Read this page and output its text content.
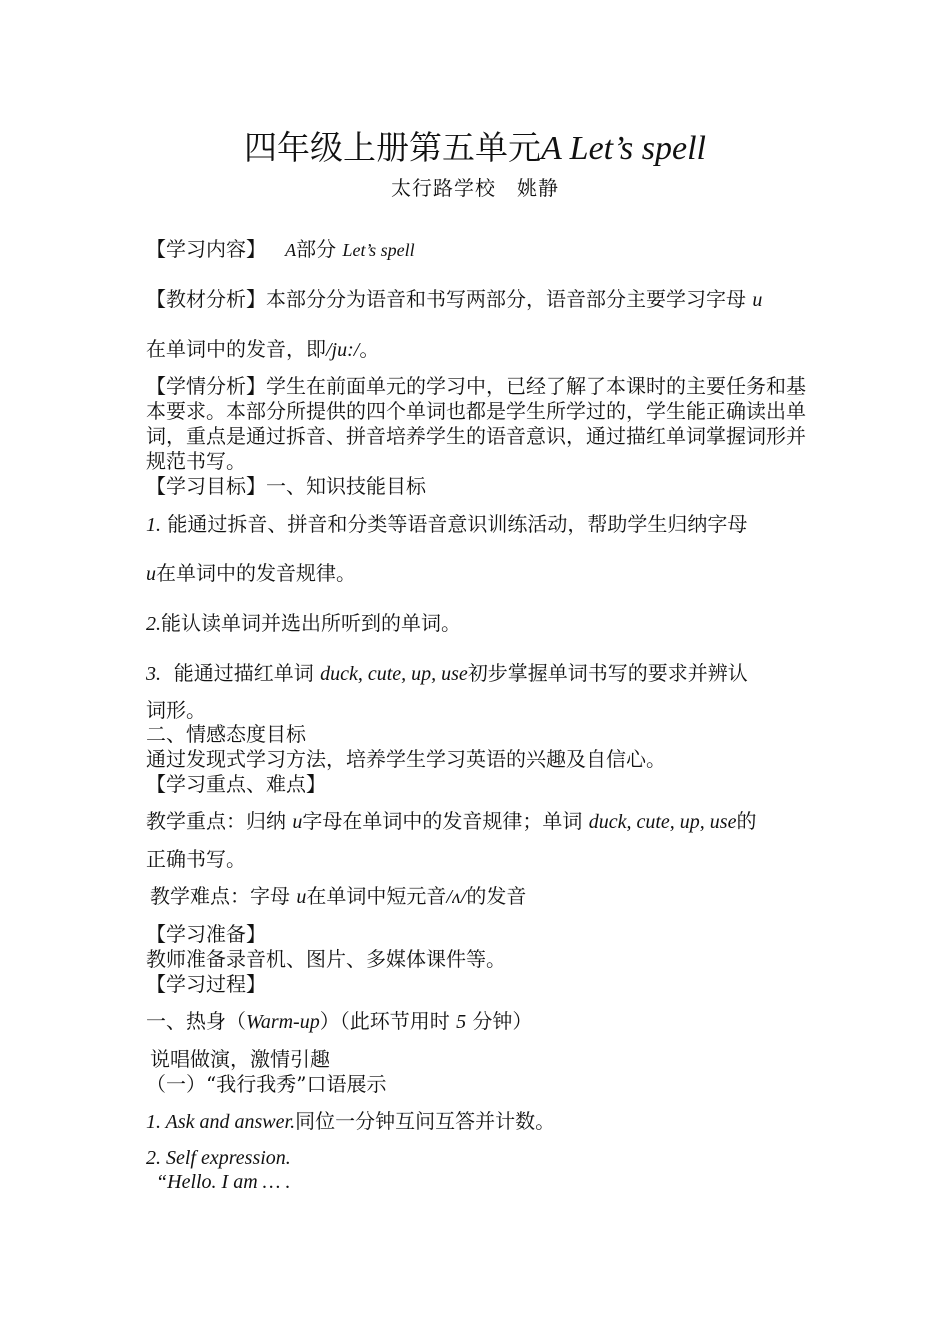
四年级上册第五单元A Let’s spell
太行路学校　姚静
【学习内容】 A部分 Let’s spell
【教材分析】本部分分为语音和书写两部分，语音部分主要学习字母 u
在单词中的发音，即/ju:/。
【学情分析】学生在前面单元的学习中，已经了解了本课时的主要任务和基本要求。本部分所提供的四个单词也都是学生所学过的，学生能正确读出单词，重点是通过拆音、拼音培养学生的语音意识，通过描红单词掌握词形并规范书写。
【学习目标】一、知识技能目标
1. 能通过拆音、拼音和分类等语音意识训练活动，帮助学生归纳字母
u在单词中的发音规律。
2.能认读单词并选出所听到的单词。
3. 能通过描红单词 duck, cute, up, use初步掌握单词书写的要求并辨认
词形。
二、情感态度目标
通过发现式学习方法，培养学生学习英语的兴趣及自信心。
【学习重点、难点】
教学重点：归纳 u字母在单词中的发音规律；单词 duck, cute, up, use的
正确书写。
教学难点：字母 u在单词中短元音/ʌ/的发音
【学习准备】
教师准备录音机、图片、多媒体课件等。
【学习过程】
一、热身（Warm-up）（此环节用时 5 分钟）
说唱做演，激情引趣
（一）“我行我秀”口语展示
1. Ask and answer.同位一分钟互问互答并计数。
2. Self expression.
“Hello. I am … .
